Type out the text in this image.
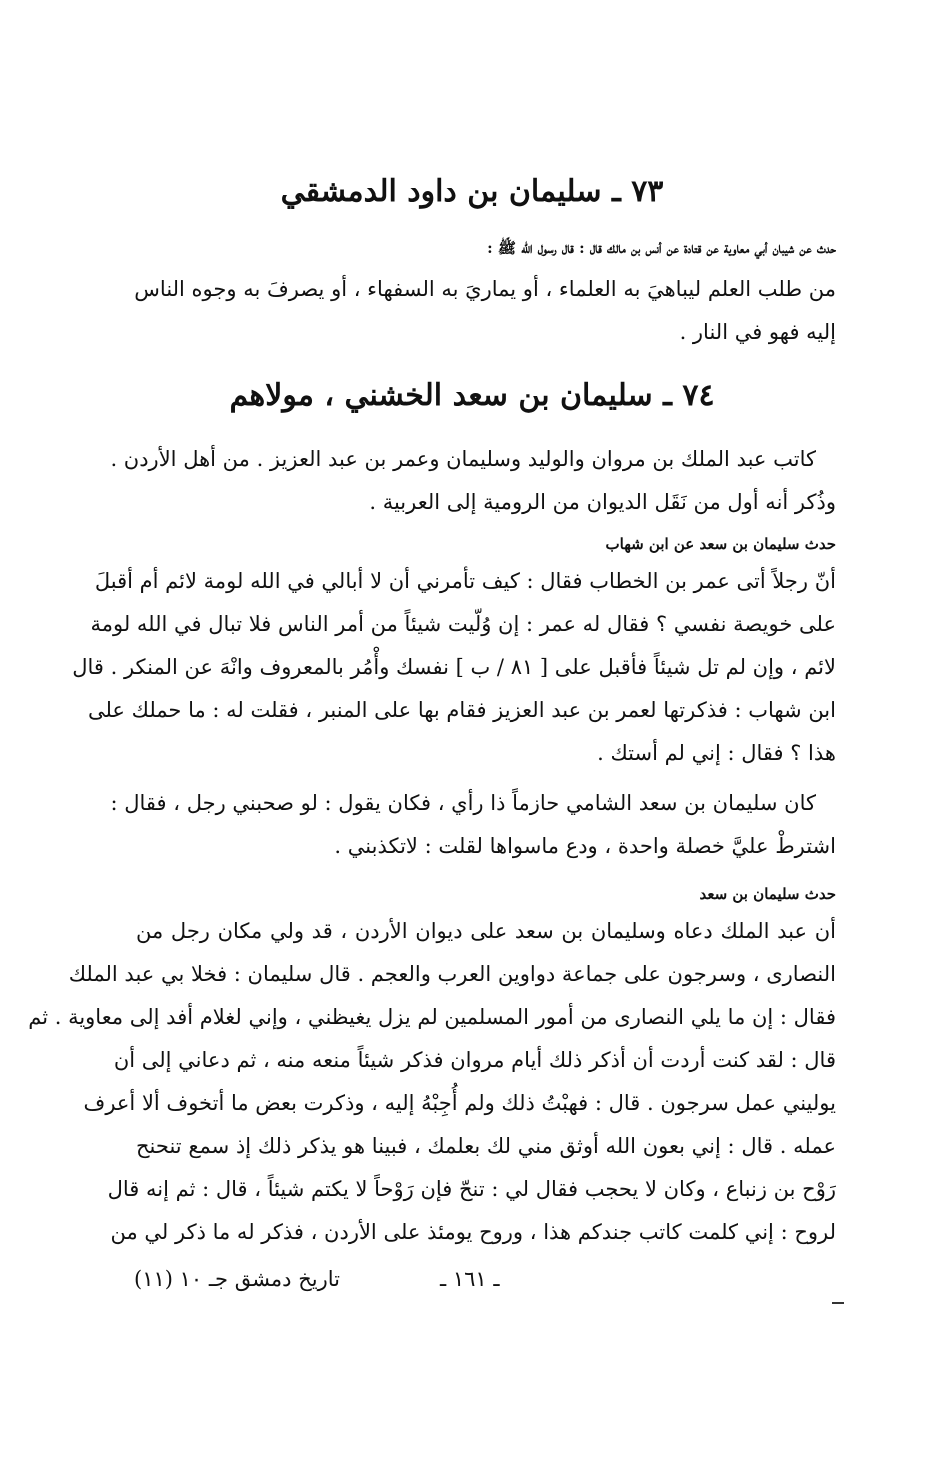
٧٣ ـ سليمان بن داود الدمشقي
حدث عن شيبان أبي معاوية عن قتادة عن أنس بن مالك قال : قال رسول الله ﷺ :
من طلب العلم ليباهيَ به العلماء ، أو يماريَ به السفهاء ، أو يصرفَ به وجوه الناس
إليه فهو في النار .
٧٤ ـ سليمان بن سعد الخشني ، مولاهم
كاتب عبد الملك بن مروان والوليد وسليمان وعمر بن عبد العزيز . من أهل الأردن .
وذُكر أنه أول من نَقَل الديوان من الرومية إلى العربية .
حدث سليمان بن سعد عن ابن شهاب
أنّ رجلاً أتى عمر بن الخطاب فقال : كيف تأمرني أن لا أبالي في الله لومة لائم أم أقبلَ
على خويصة نفسي ؟ فقال له عمر : إن وُلّيت شيئاً من أمر الناس فلا تبال في الله لومة
لائم ، وإن لم تل شيئاً فأقبل على [ ٨١ / ب ] نفسك وأْمُر بالمعروف وانْهَ عن المنكر . قال
ابن شهاب : فذكرتها لعمر بن عبد العزيز فقام بها على المنبر ، فقلت له : ما حملك على
هذا ؟ فقال : إني لم أستك .
كان سليمان بن سعد الشامي حازماً ذا رأي ، فكان يقول : لو صحبني رجل ، فقال :
اشترطْ عليَّ خصلة واحدة ، ودع ماسواها لقلت : لاتكذبني .
حدث سليمان بن سعد
أن عبد الملك دعاه وسليمان بن سعد على ديوان الأردن ، قد ولي مكان رجل من
النصارى ، وسرجون على جماعة دواوين العرب والعجم . قال سليمان : فخلا بي عبد الملك
فقال : إن ما يلي النصارى من أمور المسلمين لم يزل يغيظني ، وإني لغلام أفد إلى معاوية . ثم
قال : لقد كنت أردت أن أذكر ذلك أيام مروان فذكر شيئاً منعه منه ، ثم دعاني إلى أن
يوليني عمل سرجون . قال : فهبْتُ ذلك ولم أُجِبْهُ إليه ، وذكرت بعض ما أتخوف ألا أعرف
عمله . قال : إني بعون الله أوثق مني لك بعلمك ، فبينا هو يذكر ذلك إذ سمع تنحنح
رَوْح بن زنباع ، وكان لا يحجب فقال لي : تنحّ فإن رَوْحاً لا يكتم شيئاً ، قال : ثم إنه قال
لروح : إني كلمت كاتب جندكم هذا ، وروح يومئذ على الأردن ، فذكر له ما ذكر لي من
تاريخ دمشق جـ ١٠ (١١)	ـ ١٦١ ـ
